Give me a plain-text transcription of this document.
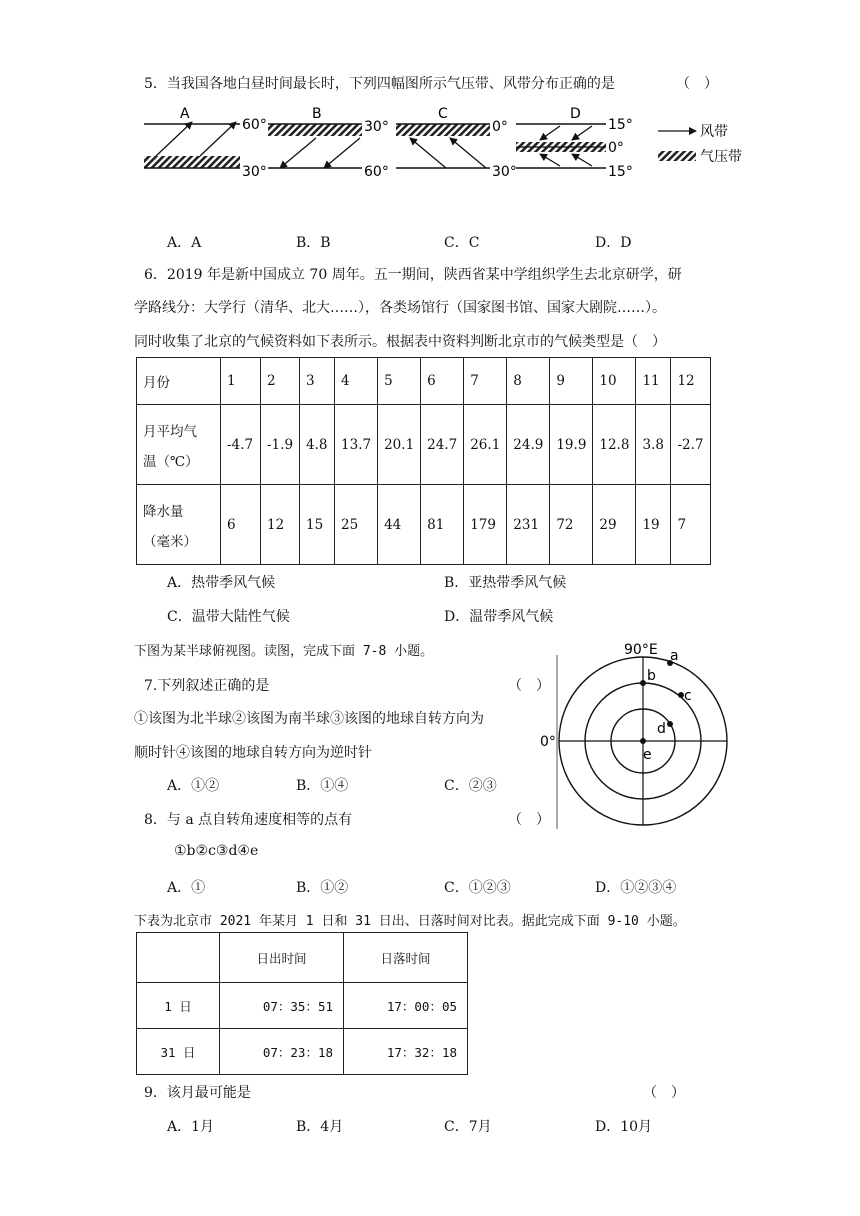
5．当我国各地白昼时间最长时，下列四幅图所示气压带、风带分布正确的是	（　）
A
60°
30°
B
30°
60°
C
0°
30°
D
15°
0°
15°
风带
气压带
A．A	B．B	C．C	D．D
6．2019 年是新中国成立 70 周年。五一期间，陕西省某中学组织学生去北京研学，研
学路线分：大学行（清华、北大……），各类场馆行（国家图书馆、国家大剧院……）。
同时收集了北京的气候资料如下表所示。根据表中资料判断北京市的气候类型是（　）
月份	1	2	3	4	5	6	7	8	9	10	11	12

月平均气
温（℃）	-4.7	-1.9	4.8	13.7	20.1	24.7	26.1	24.9	19.9	12.8	3.8	-2.7

降水量
（毫米）	6	12	15	25	44	81	179	231	72	29	19	7
A．热带季风气候	B．亚热带季风气候
C．温带大陆性气候	D．温带季风气候
下图为某半球俯视图。读图，完成下面 7-8 小题。
7.下列叙述正确的是	（　）
①该图为北半球②该图为南半球③该图的地球自转方向为
顺时针④该图的地球自转方向为逆时针
A．①②	B．①④	C．②③
90°E
0°
a
b
c
d
e
8．与 a 点自转角速度相等的点有	（　）
①b②c③d④e
A．①	B．①②	C．①②③	D．①②③④
下表为北京市 2021 年某月 1 日和 31 日出、日落时间对比表。据此完成下面 9-10 小题。
	日出时间	日落时间
1 日	07：35：51	17：00：05
31 日	07：23：18	17：32：18
9．该月最可能是	（　）
A．1月	B．4月	C．7月	D．10月
